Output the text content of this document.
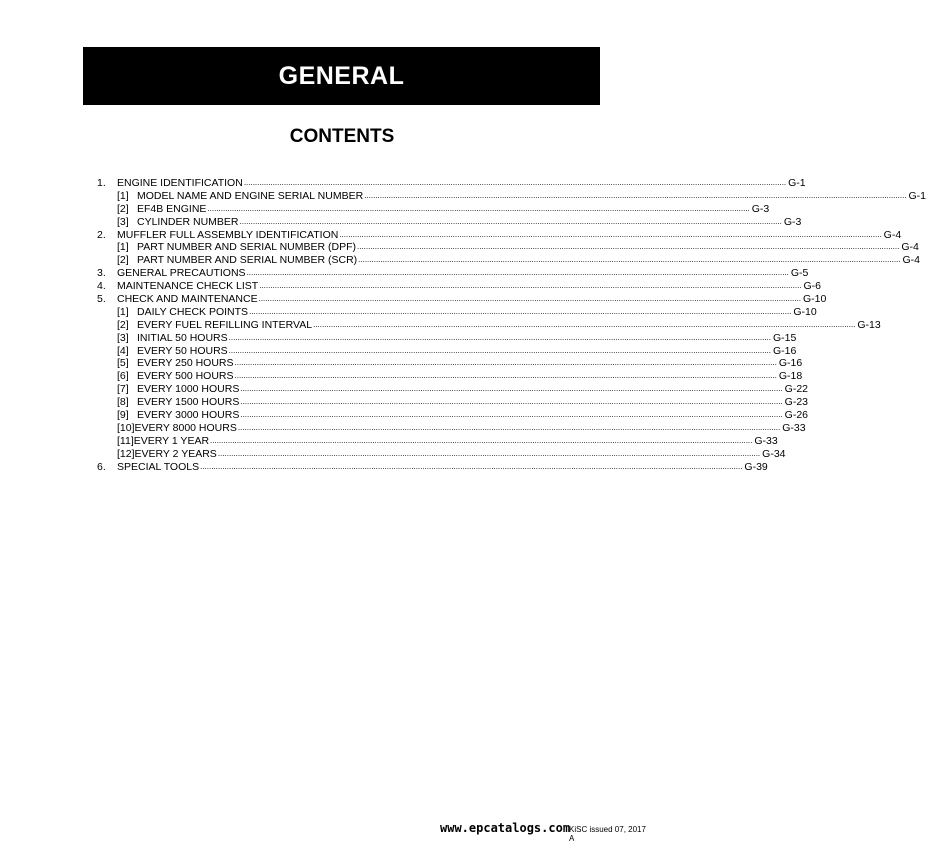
GENERAL
CONTENTS
1.	ENGINE IDENTIFICATION .....	G-1
[1] MODEL NAME AND ENGINE SERIAL NUMBER .....	G-1
[2] EF4B ENGINE .....	G-3
[3] CYLINDER NUMBER .....	G-3
2.	MUFFLER FULL ASSEMBLY IDENTIFICATION .....	G-4
[1] PART NUMBER AND SERIAL NUMBER (DPF) .....	G-4
[2] PART NUMBER AND SERIAL NUMBER (SCR) .....	G-4
3.	GENERAL PRECAUTIONS .....	G-5
4.	MAINTENANCE CHECK LIST .....	G-6
5.	CHECK AND MAINTENANCE .....	G-10
[1] DAILY CHECK POINTS .....	G-10
[2] EVERY FUEL REFILLING INTERVAL .....	G-13
[3] INITIAL 50 HOURS .....	G-15
[4] EVERY 50 HOURS .....	G-16
[5] EVERY 250 HOURS .....	G-16
[6] EVERY 500 HOURS .....	G-18
[7] EVERY 1000 HOURS .....	G-22
[8] EVERY 1500 HOURS .....	G-23
[9] EVERY 3000 HOURS .....	G-26
[10] EVERY 8000 HOURS .....	G-33
[11] EVERY 1 YEAR .....	G-33
[12] EVERY 2 YEARS .....	G-34
6.	SPECIAL TOOLS .....	G-39
KiSC issued 07, 2017 A
www.epcatalogs.com
